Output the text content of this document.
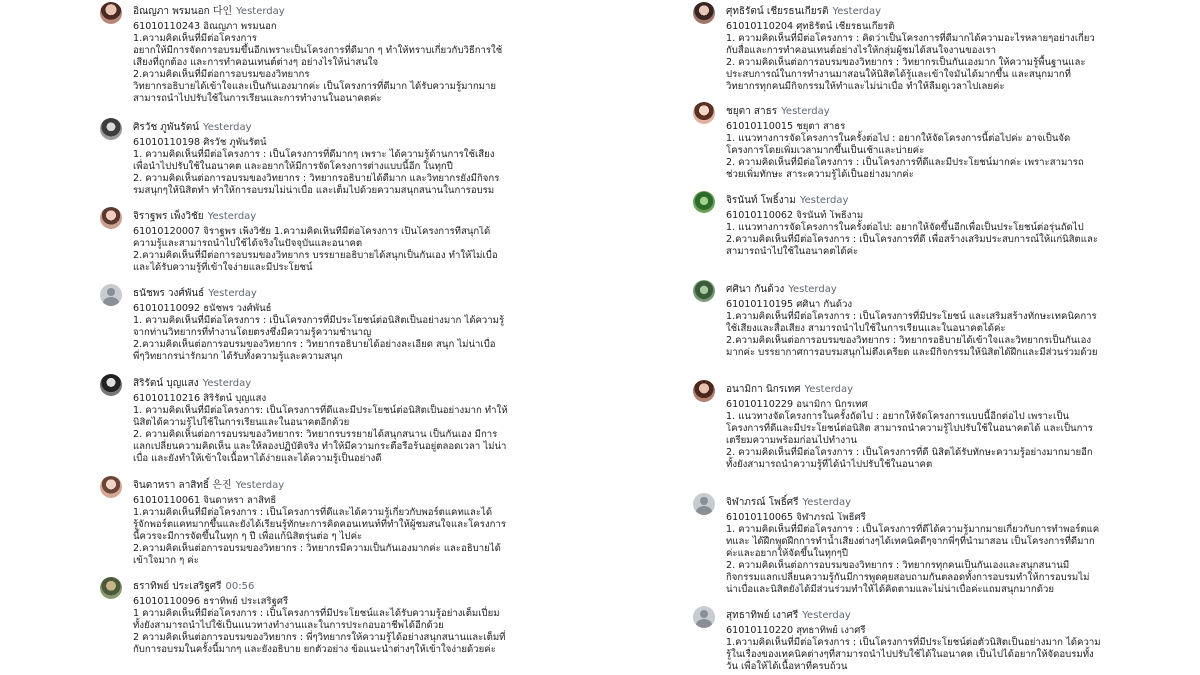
อิณญภา พรมนอก 다인 Yesterday
61010110243 อิณญภา พรมนอก
1.ความคิดเห็นที่มีต่อโครงการ
อยากให้มีการจัดการอบรมขึ้นอีกเพราะเป็นโครงการที่ดีมาก ๆ ทำให้ทราบเกี่ยวกับวิธีการใช้เสียงที่ถูกต้อง และการทำคอนเทนต์ต่างๆ อย่างไรให้น่าสนใจ
2.ความคิดเห็นที่มีต่อการอบรมของวิทยากร
วิทยากรอธิบายได้เข้าใจและเป็นกันเองมากค่ะ เป็นโครงการที่ดีมาก ได้รับความรู้มากมาย สามารถนำไปปรับใช้ในการเรียนและการทำงานในอนาคตค่ะ
ศิรวัช ภูพันรัตน์ Yesterday
61010110198 ศิรวัช ภูพันรัตน์
1. ความคิดเห็นที่มีต่อโครงการ : เป็นโครงการที่ดีมากๆ เพราะ ได้ความรู้ด้านการใช้เสียงเพื่อนำไปปรับใช้ในอนาคต และอยากให้มีการจัดโครงการต่างแบบนี้อีก ในทุกปี
2. ความคิดเห็นต่อการอบรมของวิทยากร : วิทยากรอธิบายได้ดีมาก และวิทยากรยังมีกิจกรรมสนุกๆให้นิสิตทำ ทำให้การอบรมไม่น่าเบื่อ และเต็มไปด้วยความสนุกสนานในการอบรม
จิราฐพร เพ็งวิชัย Yesterday
61010120007 จิราฐพร เพ็งวิชัย 1.ความคิดเห็นที่มีต่อโครงการ เป็นโครงการที่สนุกได้ความรู้และสามารถนำไปใช้ได้จริงในปัจจุบันและอนาคต
2.ความคิดเห็นที่มีต่อการอบรมของวิทยากร บรรยายอธิบายได้สนุกเป็นกันเอง ทำให้ไม่เบื่อและได้รับความรู้ที่เข้าใจง่ายและมีประโยชน์
ธนัชพร วงศ์พันธ์ Yesterday
61010110092 ธนัชพร วงศ์พันธ์
1. ความคิดเห็นที่มีต่อโครงการ : เป็นโครงการที่มีประโยชน์ต่อนิสิตเป็นอย่างมาก ได้ความรู้จากท่านวิทยากรที่ทำงานโดยตรงซึ่งมีความรู้ความชำนาญ
2.ความคิดเห็นต่อการอบรมของวิทยากร : วิทยากรอธิบายได้อย่างละเอียด สนุก ไม่น่าเบื่อ พี่ๆวิทยากรน่ารักมาก ได้รับทั้งความรู้และความสนุก
สิริรัตน์ บุญแสง Yesterday
61010110216 สิริรัตน์ บุญแสง
1. ความคิดเห็นที่มีต่อโครงการ: เป็นโครงการที่ดีและมีประโยชน์ต่อนิสิตเป็นอย่างมาก ทำให้นิสิตได้ความรู้ไปใช้ในการเรียนและในอนาคตอีกด้วย
2. ความคิดเห็นต่อการอบรมของวิทยากร: วิทยากรบรรยายได้สนุกสนาน เป็นกันเอง มีการแลกเปลี่ยนความคิดเห็น และให้ลองปฏิบัติจริง ทำให้มีความกระตือรือร้นอยู่ตลอดเวลา ไม่น่าเบื่อ และยังทำให้เข้าใจเนื้อหาได้ง่ายและได้ความรู้เป็นอย่างดี
จินดาหรา ลาสิทธิ์ 은진 Yesterday
61010110061 จินดาหรา ลาสิทธิ์
1.ความคิดเห็นที่มีต่อโครงการ : เป็นโครงการที่ดีและได้ความรู้เกี่ยวกับพอร์ตแคทและได้รู้จักพอร์ตแคทมากขึ้นและยังได้เรียนรู้ทักษะการคิดคอนเทนท์ที่ทำให้ผู้ชมสนใจและโครงการนี้ควรจะมีการจัดขึ้นในทุก ๆ ปี เพื่อแก้นิสิตรุ่นต่อ ๆ ไปค่ะ
2.ความคิดเห็นต่อการอบรมของวิทยากร : วิทยากรมีความเป็นกันเองมากค่ะ และอธิบายได้เข้าใจมาก ๆ ค่ะ
ธราทิพย์ ประเสริฐศรี 00:56
61010110096 ธราทิพย์ ประเสริฐศรี
1 ความคิดเห็นที่มีต่อโครงการ : เป็นโครงการที่มีประโยชน์และได้รับความรู้อย่างเต็มเปี่ยม ทั้งยังสามารถนำไปใช้เป็นแนวทางทำงานและในการประกอบอาชีพได้อีกด้วย
2 ความคิดเห็นต่อการอบรมของวิทยากร : พี่ๆวิทยากรให้ความรู้ได้อย่างสนุกสนานและเต็มที่กับการอบรมในครั้งนี้มากๆ และยังอธิบาย ยกตัวอย่าง ข้อแนะนำต่างๆให้เข้าใจง่ายด้วยค่ะ
ศุทธิรัตน์ เชียรธนเกียรติ Yesterday
61010110204 ศุทธิรัตน์ เชียรธนเกียรติ
1. ความคิดเห็นที่มีต่อโครงการ : คิดว่าเป็นโครงการที่ดีมากได้ความอะไรหลายๆอย่างเกี่ยวกับสื่อและการทำคอนเทนต์อย่างไรให้กลุ่มผู้ชมได้สนใจงานของเรา
2. ความคิดเห็นต่อการอบรมของวิทยากร : วิทยากรเป็นกันเองมาก ให้ความรู้พื้นฐานและประสบการณ์ในการทำงานมาสอนให้นิสิตได้รู้และเข้าใจมันได้มากขึ้น และสนุกมากที่วิทยากรทุกคนมีกิจกรรมให้ทำและไม่น่าเบื่อ ทำให้ลืมดูเวลาไปเลยค่ะ
ชยุตา สาธร Yesterday
61010110015 ชยุตา สาธร
1. แนวทางการจัดโครงการในครั้งต่อไป : อยากให้จัดโครงการนี้ต่อไปค่ะ อาจเป็นจัดโครงการโดยเพิ่มเวลามากขึ้นเป็นเช้าและบ่ายค่ะ
2. ความคิดเห็นที่มีต่อโครงการ : เป็นโครงการที่ดีและมีประโยชน์มากค่ะ เพราะสามารถช่วยเพิ่มทักษะ สาระความรู้ได้เป็นอย่างมากค่ะ
จิรนันท์ โพธิ์งาม Yesterday
61010110062 จิรนันท์ โพธิ์งาม
1. แนวทางการจัดโครงการในครั้งต่อไป: อยากให้จัดขึ้นอีกเพื่อเป็นประโยชน์ต่อรุ่นถัดไป
2.ความคิดเห็นที่มีต่อโครงการ : เป็นโครงการที่ดี เพื่อสร้างเสริมประสบการณ์ให้แก่นิสิตและสามารถนำไปใช้ในอนาคตได้ค่ะ
ศศินา กันด้วง Yesterday
61010110195 ศศินา กันด้วง
1.ความคิดเห็นที่มีต่อโครงการ : เป็นโครงการที่มีประโยชน์ และเสริมสร้างทักษะเทคนิคการใช้เสียงและสื่อเสียง สามารถนำไปใช้ในการเรียนและในอนาคตได้ค่ะ
2.ความคิดเห็นต่อการอบรมของวิทยากร : วิทยากรอธิบายได้เข้าใจและวิทยากรเป็นกันเองมากค่ะ บรรยากาศการอบรมสนุกไม่ตึงเครียด และมีกิจกรรมให้นิสิตได้ฝึกและมีส่วนร่วมด้วย
อนามิกา นิกรเทศ Yesterday
61010110229 อนามิกา นิกรเทศ
1. แนวทางจัดโครงการในครั้งถัดไป : อยากให้จัดโครงการแบบนี้อีกต่อไป เพราะเป็นโครงการที่ดีและมีประโยชน์ต่อนิสิต สามารถนำความรู้ไปปรับใช้ในอนาคตได้ และเป็นการเตรียมความพร้อมก่อนไปทำงาน
2. ความคิดเห็นที่มีต่อโครงการ : เป็นโครงการที่ดี นิสิตได้รับทักษะความรู้อย่างมากมายอีกทั้งยังสามารถนำความรู้ที่ได้นำไปปรับใช้ในอนาคต
จิฬาภรณ์ โพธิ์ศรี Yesterday
61010110065 จิฬาภรณ์ โพธิ์ศรี
1. ความคิดเห็นที่มีต่อโครงการ : เป็นโครงการที่ดีได้ความรู้มากมายเกี่ยวกับการทำพอร์ตแคทและ ได้ฝึกพูดฝึกการทำน้ำเสียงต่างๆได้เทคนิคดีๆจากพี่ๆที่นำมาสอน เป็นโครงการที่ดีมากค่ะและอยากให้จัดขึ้นในทุกๆปี
2. ความคิดเห็นต่อการอบรมของวิทยากร : วิทยากรทุกคนเป็นกันเองและสนุกสนานมีกิจกรรมแลกเปลี่ยนความรู้กันมีการพูดคุยสอบถามกันตลอดทั้งการอบรมทำให้การอบรมไม่น่าเบื่อและนิสิตยังได้มีส่วนร่วมทำให้ได้คิดตามและไม่น่าเบื่อค่ะแถมสนุกมากด้วย
สุทธาทิพย์ เงาศรี Yesterday
61010110220 สุทธาทิพย์ เงาศรี
1.ความคิดเห็นที่มีต่อโครงการ : เป็นโครงการที่มีประโยชน์ต่อตัวนิสิตเป็นอย่างมาก ได้ความรู้ในเรื่องของเทคนิคต่างๆที่สามารถนำไปปรับใช้ได้ในอนาคต เป็นไปได้อยากให้จัดอบรมทั้งวัน เพื่อให้ได้เนื้อหาที่ครบถ้วน
